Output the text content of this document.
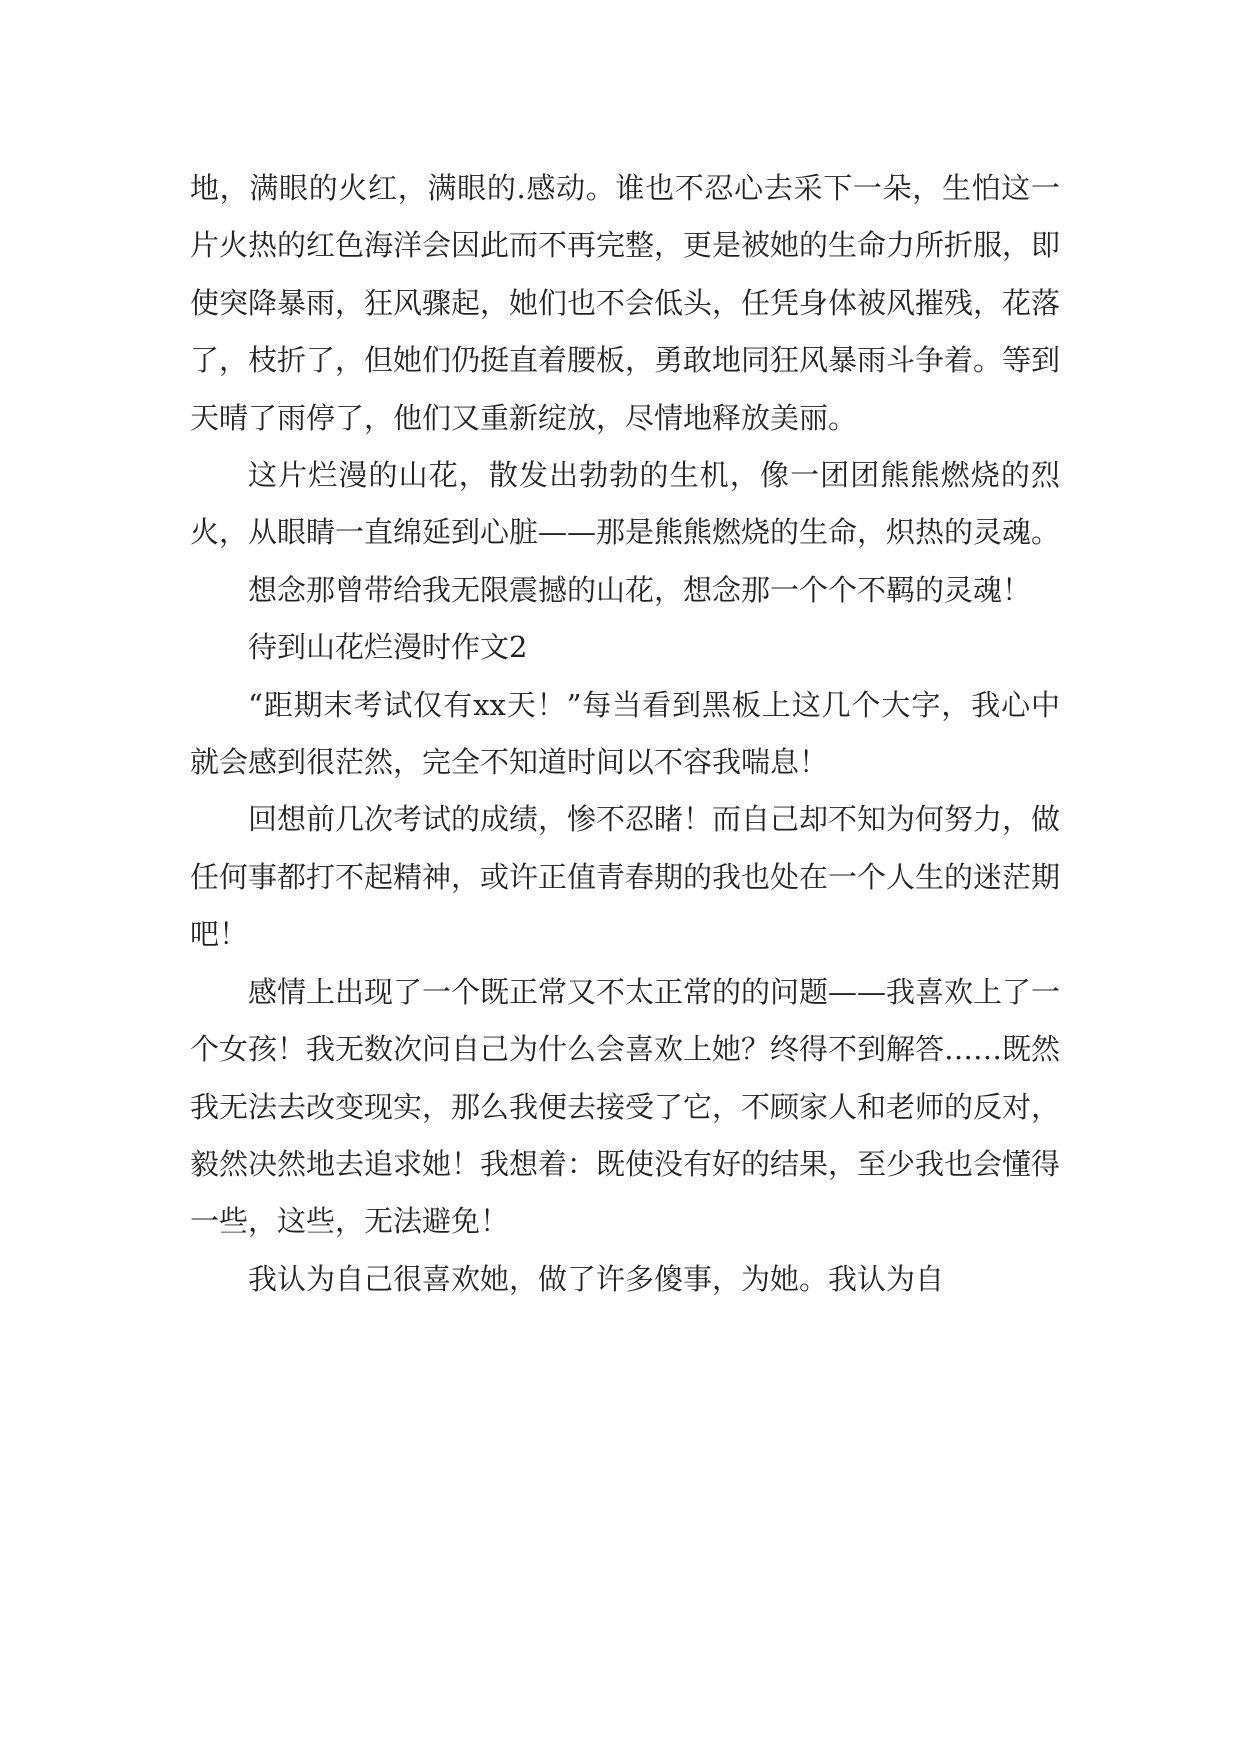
地，满眼的火红，满眼的.感动。谁也不忍心去采下一朵，生怕这一片火热的红色海洋会因此而不再完整，更是被她的生命力所折服，即使突降暴雨，狂风骤起，她们也不会低头，任凭身体被风摧残，花落了，枝折了，但她们仍挺直着腰板，勇敢地同狂风暴雨斗争着。等到天晴了雨停了，他们又重新绽放，尽情地释放美丽。

这片烂漫的山花，散发出勃勃的生机，像一团团熊熊燃烧的烈火，从眼睛一直绵延到心脏——那是熊熊燃烧的生命，炽热的灵魂。

想念那曾带给我无限震撼的山花，想念那一个个不羁的灵魂！

待到山花烂漫时作文2

“距期末考试仅有xx天！”每当看到黑板上这几个大字，我心中就会感到很茫然，完全不知道时间以不容我喘息！

回想前几次考试的成绩，惨不忍睹！而自己却不知为何努力，做任何事都打不起精神，或许正值青春期的我也处在一个人生的迷茫期吧！

感情上出现了一个既正常又不太正常的的问题——我喜欢上了一个女孩！我无数次问自己为什么会喜欢上她？终得不到解答……既然我无法去改变现实，那么我便去接受了它，不顾家人和老师的反对，毅然决然地去追求她！我想着：既使没有好的结果，至少我也会懂得一些，这些，无法避免！

我认为自己很喜欢她，做了许多傻事，为她。我认为自
